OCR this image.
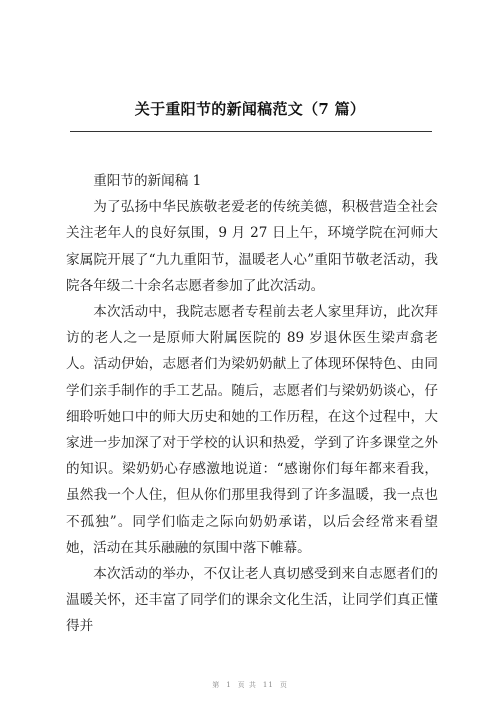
关于重阳节的新闻稿范文（7 篇）

重阳节的新闻稿 1

为了弘扬中华民族敬老爱老的传统美德，积极营造全社会关注老年人的良好氛围，9 月 27 日上午，环境学院在河师大家属院开展了“九九重阳节，温暖老人心”重阳节敬老活动，我院各年级二十余名志愿者参加了此次活动。

本次活动中，我院志愿者专程前去老人家里拜访，此次拜访的老人之一是原师大附属医院的 89 岁退休医生梁声翕老人。活动伊始，志愿者们为梁奶奶献上了体现环保特色、由同学们亲手制作的手工艺品。随后，志愿者们与梁奶奶谈心，仔细聆听她口中的师大历史和她的工作历程，在这个过程中，大家进一步加深了对于学校的认识和热爱，学到了许多课堂之外的知识。梁奶奶心存感激地说道：“感谢你们每年都来看我，虽然我一个人住，但从你们那里我得到了许多温暖，我一点也不孤独”。同学们临走之际向奶奶承诺，以后会经常来看望她，活动在其乐融融的氛围中落下帷幕。

本次活动的举办，不仅让老人真切感受到来自志愿者们的温暖关怀，还丰富了同学们的课余文化生活，让同学们真正懂得并

第 1 页 共 11 页
